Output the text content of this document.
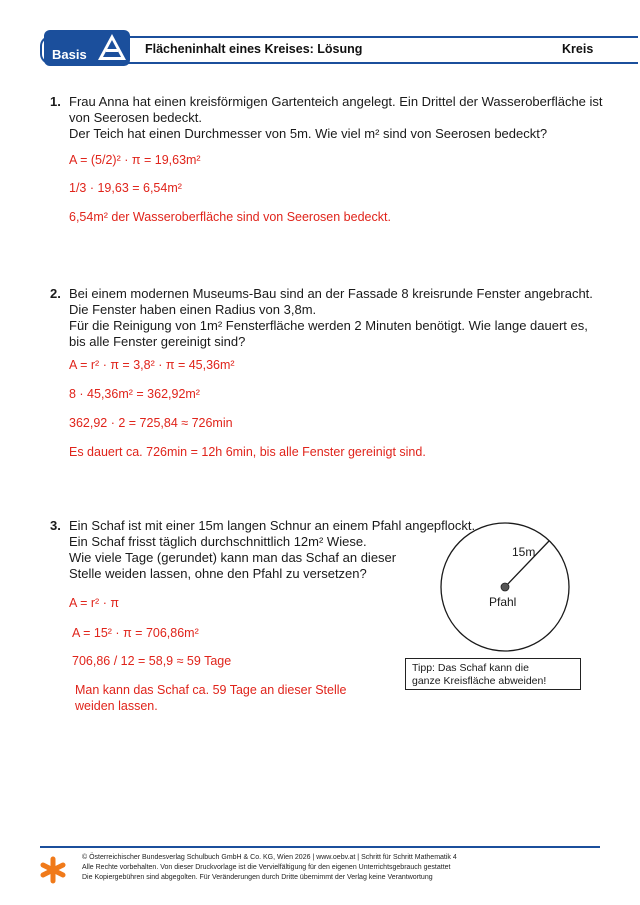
Basis	Flächeninhalt eines Kreises: Lösung	Kreis
1. Frau Anna hat einen kreisförmigen Gartenteich angelegt. Ein Drittel der Wasseroberfläche ist
von Seerosen bedeckt.
Der Teich hat einen Durchmesser von 5m. Wie viel m² sind von Seerosen bedeckt?
A = (5/2)² · π = 19,63m²
1/3 · 19,63 = 6,54m²
6,54m² der Wasseroberfläche sind von Seerosen bedeckt.
2. Bei einem modernen Museums-Bau sind an der Fassade 8 kreisrunde Fenster angebracht.
Die Fenster haben einen Radius von 3,8m.
Für die Reinigung von 1m² Fensterfläche werden 2 Minuten benötigt. Wie lange dauert es,
bis alle Fenster gereinigt sind?
A = r² · π = 3,8² · π = 45,36m²
8 · 45,36m² = 362,92m²
362,92 · 2 = 725,84 ≈ 726min
Es dauert ca. 726min = 12h 6min, bis alle Fenster gereinigt sind.
3. Ein Schaf ist mit einer 15m langen Schnur an einem Pfahl angepflockt.
Ein Schaf frisst täglich durchschnittlich 12m² Wiese.
Wie viele Tage (gerundet) kann man das Schaf an dieser
Stelle weiden lassen, ohne den Pfahl zu versetzen?
A = r² · π
A = 15² · π = 706,86m²
706,86 / 12 = 58,9 ≈ 59 Tage
Man kann das Schaf ca. 59 Tage an dieser Stelle
weiden lassen.
15m
Pfahl
Tipp: Das Schaf kann die
ganze Kreisfläche abweiden!
© Österreichischer Bundesverlag Schulbuch GmbH & Co. KG, Wien 2026 | www.oebv.at | Schritt für Schritt Mathematik 4
Alle Rechte vorbehalten. Von dieser Druckvorlage ist die Vervielfältigung für den eigenen Unterrichtsgebrauch gestattet
Die Kopiergebühren sind abgegolten. Für Veränderungen durch Dritte übernimmt der Verlag keine Verantwortung
